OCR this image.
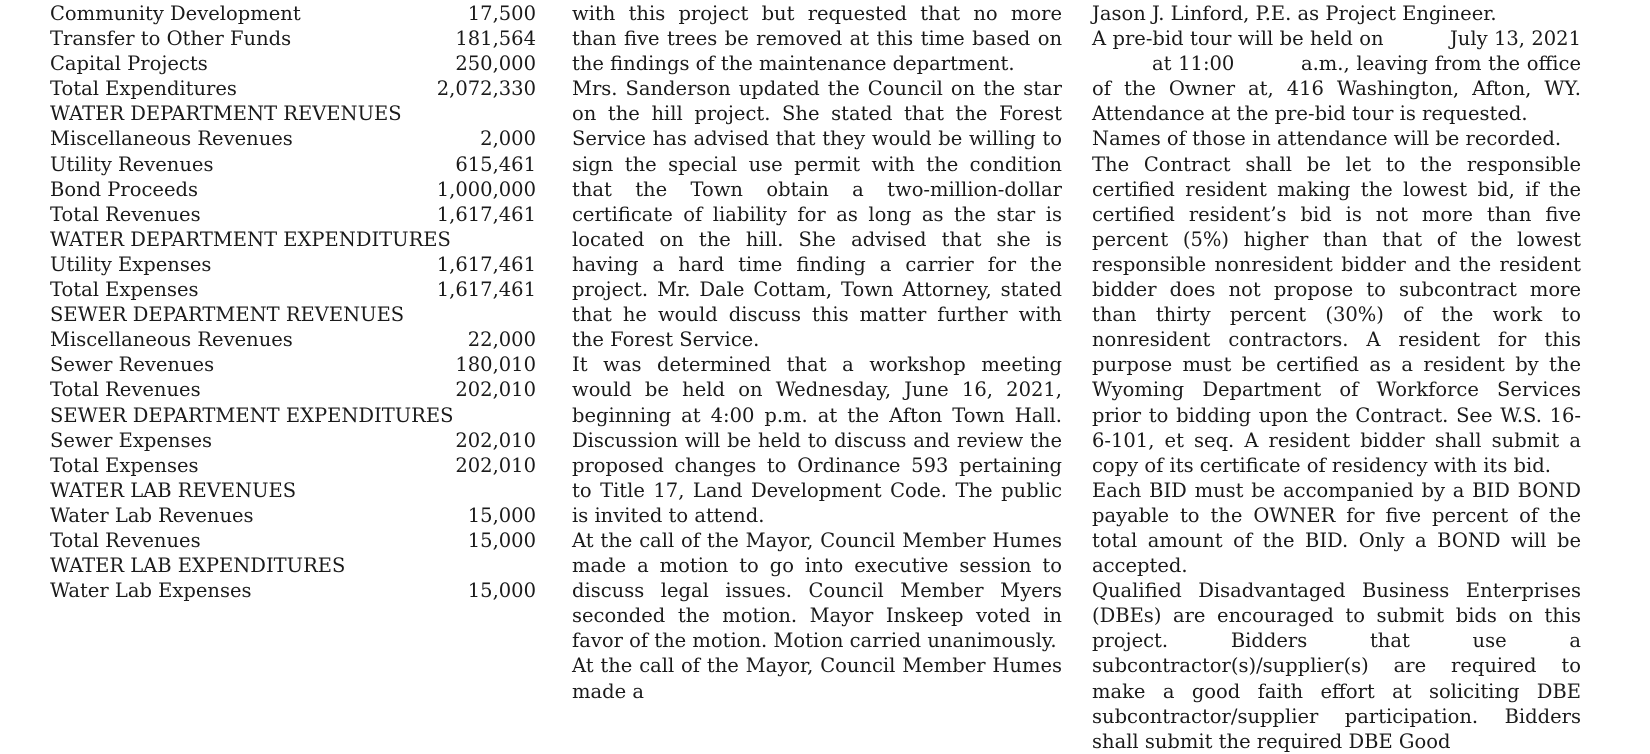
Community Development	17,500
Transfer to Other Funds	181,564
Capital Projects	250,000
Total Expenditures	2,072,330
WATER DEPARTMENT REVENUES
Miscellaneous Revenues	2,000
Utility Revenues	615,461
Bond Proceeds	1,000,000
Total Revenues	1,617,461
WATER DEPARTMENT EXPENDITURES
Utility Expenses	1,617,461
Total Expenses	1,617,461
SEWER DEPARTMENT REVENUES
Miscellaneous Revenues	22,000
Sewer Revenues	180,010
Total Revenues	202,010
SEWER DEPARTMENT EXPENDITURES
Sewer Expenses	202,010
Total Expenses	202,010
WATER LAB REVENUES
Water Lab Revenues	15,000
Total Revenues	15,000
WATER LAB EXPENDITURES
Water Lab Expenses	15,000

with this project but requested that no more than five trees be removed at this time based on the findings of the maintenance department.

Mrs. Sanderson updated the Council on the star on the hill project. She stated that the Forest Service has advised that they would be willing to sign the special use permit with the condition that the Town obtain a two-million-dollar certificate of liability for as long as the star is located on the hill. She advised that she is having a hard time finding a carrier for the project. Mr. Dale Cottam, Town Attorney, stated that he would discuss this matter further with the Forest Service.

It was determined that a workshop meeting would be held on Wednesday, June 16, 2021, beginning at 4:00 p.m. at the Afton Town Hall. Discussion will be held to discuss and review the proposed changes to Ordinance 593 pertaining to Title 17, Land Development Code. The public is invited to attend.

At the call of the Mayor, Council Member Humes made a motion to go into executive session to discuss legal issues. Council Member Myers seconded the motion. Mayor Inskeep voted in favor of the motion. Motion carried unanimously.

At the call of the Mayor, Council Member Humes made a

Jason J. Linford, P.E. as Project Engineer.

A pre-bid tour will be held on	July 13, 2021 at 11:00	a.m., leaving from the office of the Owner at, 416 Washington, Afton, WY. Attendance at the pre-bid tour is requested.

Names of those in attendance will be recorded.

The Contract shall be let to the responsible certified resident making the lowest bid, if the certified resident’s bid is not more than five percent (5%) higher than that of the lowest responsible nonresident bidder and the resident bidder does not propose to subcontract more than thirty percent (30%) of the work to nonresident contractors. A resident for this purpose must be certified as a resident by the Wyoming Department of Workforce Services prior to bidding upon the Contract. See W.S. 16-6-101, et seq. A resident bidder shall submit a copy of its certificate of residency with its bid.

Each BID must be accompanied by a BID BOND payable to the OWNER for five percent of the total amount of the BID. Only a BOND will be accepted.

Qualified Disadvantaged Business Enterprises (DBEs) are encouraged to submit bids on this project. Bidders that use a subcontractor(s)/supplier(s) are required to make a good faith effort at soliciting DBE subcontractor/supplier participation. Bidders shall submit the required DBE Good
